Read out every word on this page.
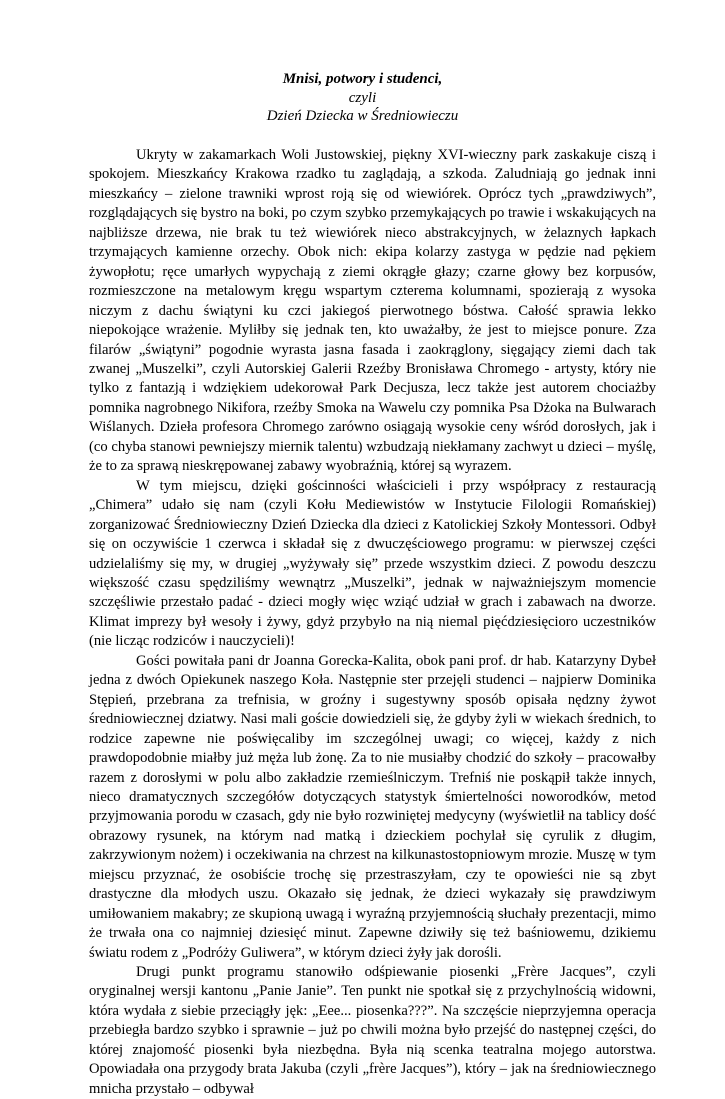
Mnisi, potwory i studenci,
czyli
Dzień Dziecka w Średniowieczu

Ukryty w zakamarkach Woli Justowskiej, piękny XVI-wieczny park zaskakuje ciszą i spokojem. Mieszkańcy Krakowa rzadko tu zaglądają, a szkoda. Zaludniają go jednak inni mieszkańcy – zielone trawniki wprost roją się od wiewiórek. Oprócz tych „prawdziwych”, rozglądających się bystro na boki, po czym szybko przemykających po trawie i wskakujących na najbliższe drzewa, nie brak tu też wiewiórek nieco abstrakcyjnych, w żelaznych łapkach trzymających kamienne orzechy. Obok nich: ekipa kolarzy zastyga w pędzie nad pękiem żywopłotu; ręce umarłych wypychają z ziemi okrągłe głazy; czarne głowy bez korpusów, rozmieszczone na metalowym kręgu wspartym czterema kolumnami, spozierają z wysoka niczym z dachu świątyni ku czci jakiegoś pierwotnego bóstwa. Całość sprawia lekko niepokojące wrażenie. Myliłby się jednak ten, kto uważałby, że jest to miejsce ponure. Zza filarów „świątyni” pogodnie wyrasta jasna fasada i zaokrąglony, sięgający ziemi dach tak zwanej „Muszelki”, czyli Autorskiej Galerii Rzeźby Bronisława Chromego - artysty, który nie tylko z fantazją i wdziękiem udekorował Park Decjusza, lecz także jest autorem chociażby pomnika nagrobnego Nikifora, rzeźby Smoka na Wawelu czy pomnika Psa Dżoka na Bulwarach Wiślanych. Dzieła profesora Chromego zarówno osiągają wysokie ceny wśród dorosłych, jak i (co chyba stanowi pewniejszy miernik talentu) wzbudzają niekłamany zachwyt u dzieci – myślę, że to za sprawą nieskrępowanej zabawy wyobraźnią, której są wyrazem.

W tym miejscu, dzięki gościnności właścicieli i przy współpracy z restauracją „Chimera” udało się nam (czyli Kołu Mediewistów w Instytucie Filologii Romańskiej) zorganizować Średniowieczny Dzień Dziecka dla dzieci z Katolickiej Szkoły Montessori. Odbył się on oczywiście 1 czerwca i składał się z dwuczęściowego programu: w pierwszej części udzielaliśmy się my, w drugiej „wyżywały się” przede wszystkim dzieci. Z powodu deszczu większość czasu spędziliśmy wewnątrz „Muszelki”, jednak w najważniejszym momencie szczęśliwie przestało padać - dzieci mogły więc wziąć udział w grach i zabawach na dworze. Klimat imprezy był wesoły i żywy, gdyż przybyło na nią niemal pięćdziesięcioro uczestników (nie licząc rodziców i nauczycieli)!

Gości powitała pani dr Joanna Gorecka-Kalita, obok pani prof. dr hab. Katarzyny Dybeł jedna z dwóch Opiekunek naszego Koła. Następnie ster przejęli studenci – najpierw Dominika Stępień, przebrana za trefnisia, w groźny i sugestywny sposób opisała nędzny żywot średniowiecznej dziatwy. Nasi mali goście dowiedzieli się, że gdyby żyli w wiekach średnich, to rodzice zapewne nie poświęcaliby im szczególnej uwagi; co więcej, każdy z nich prawdopodobnie miałby już męża lub żonę. Za to nie musiałby chodzić do szkoły – pracowałby razem z dorosłymi w polu albo zakładzie rzemieślniczym. Trefniś nie poskąpił także innych, nieco dramatycznych szczegółów dotyczących statystyk śmiertelności noworodków, metod przyjmowania porodu w czasach, gdy nie było rozwiniętej medycyny (wyświetlił na tablicy dość obrazowy rysunek, na którym nad matką i dzieckiem pochylał się cyrulik z długim, zakrzywionym nożem) i oczekiwania na chrzest na kilkunastostopniowym mrozie. Muszę w tym miejscu przyznać, że osobiście trochę się przestraszyłam, czy te opowieści nie są zbyt drastyczne dla młodych uszu. Okazało się jednak, że dzieci wykazały się prawdziwym umiłowaniem makabry; ze skupioną uwagą i wyraźną przyjemnością słuchały prezentacji, mimo że trwała ona co najmniej dziesięć minut. Zapewne dziwiły się też baśniowemu, dzikiemu światu rodem z „Podróży Guliwera”, w którym dzieci żyły jak dorośli.

Drugi punkt programu stanowiło odśpiewanie piosenki „Frère Jacques”, czyli oryginalnej wersji kantonu „Panie Janie”. Ten punkt nie spotkał się z przychylnością widowni, która wydała z siebie przeciągły jęk: „Eee... piosenka???”. Na szczęście nieprzyjemna operacja przebiegła bardzo szybko i sprawnie – już po chwili można było przejść do następnej części, do której znajomość piosenki była niezbędna. Była nią scenka teatralna mojego autorstwa. Opowiadała ona przygody brata Jakuba (czyli „frère Jacques”), który – jak na średniowiecznego mnicha przystało – odbywał
